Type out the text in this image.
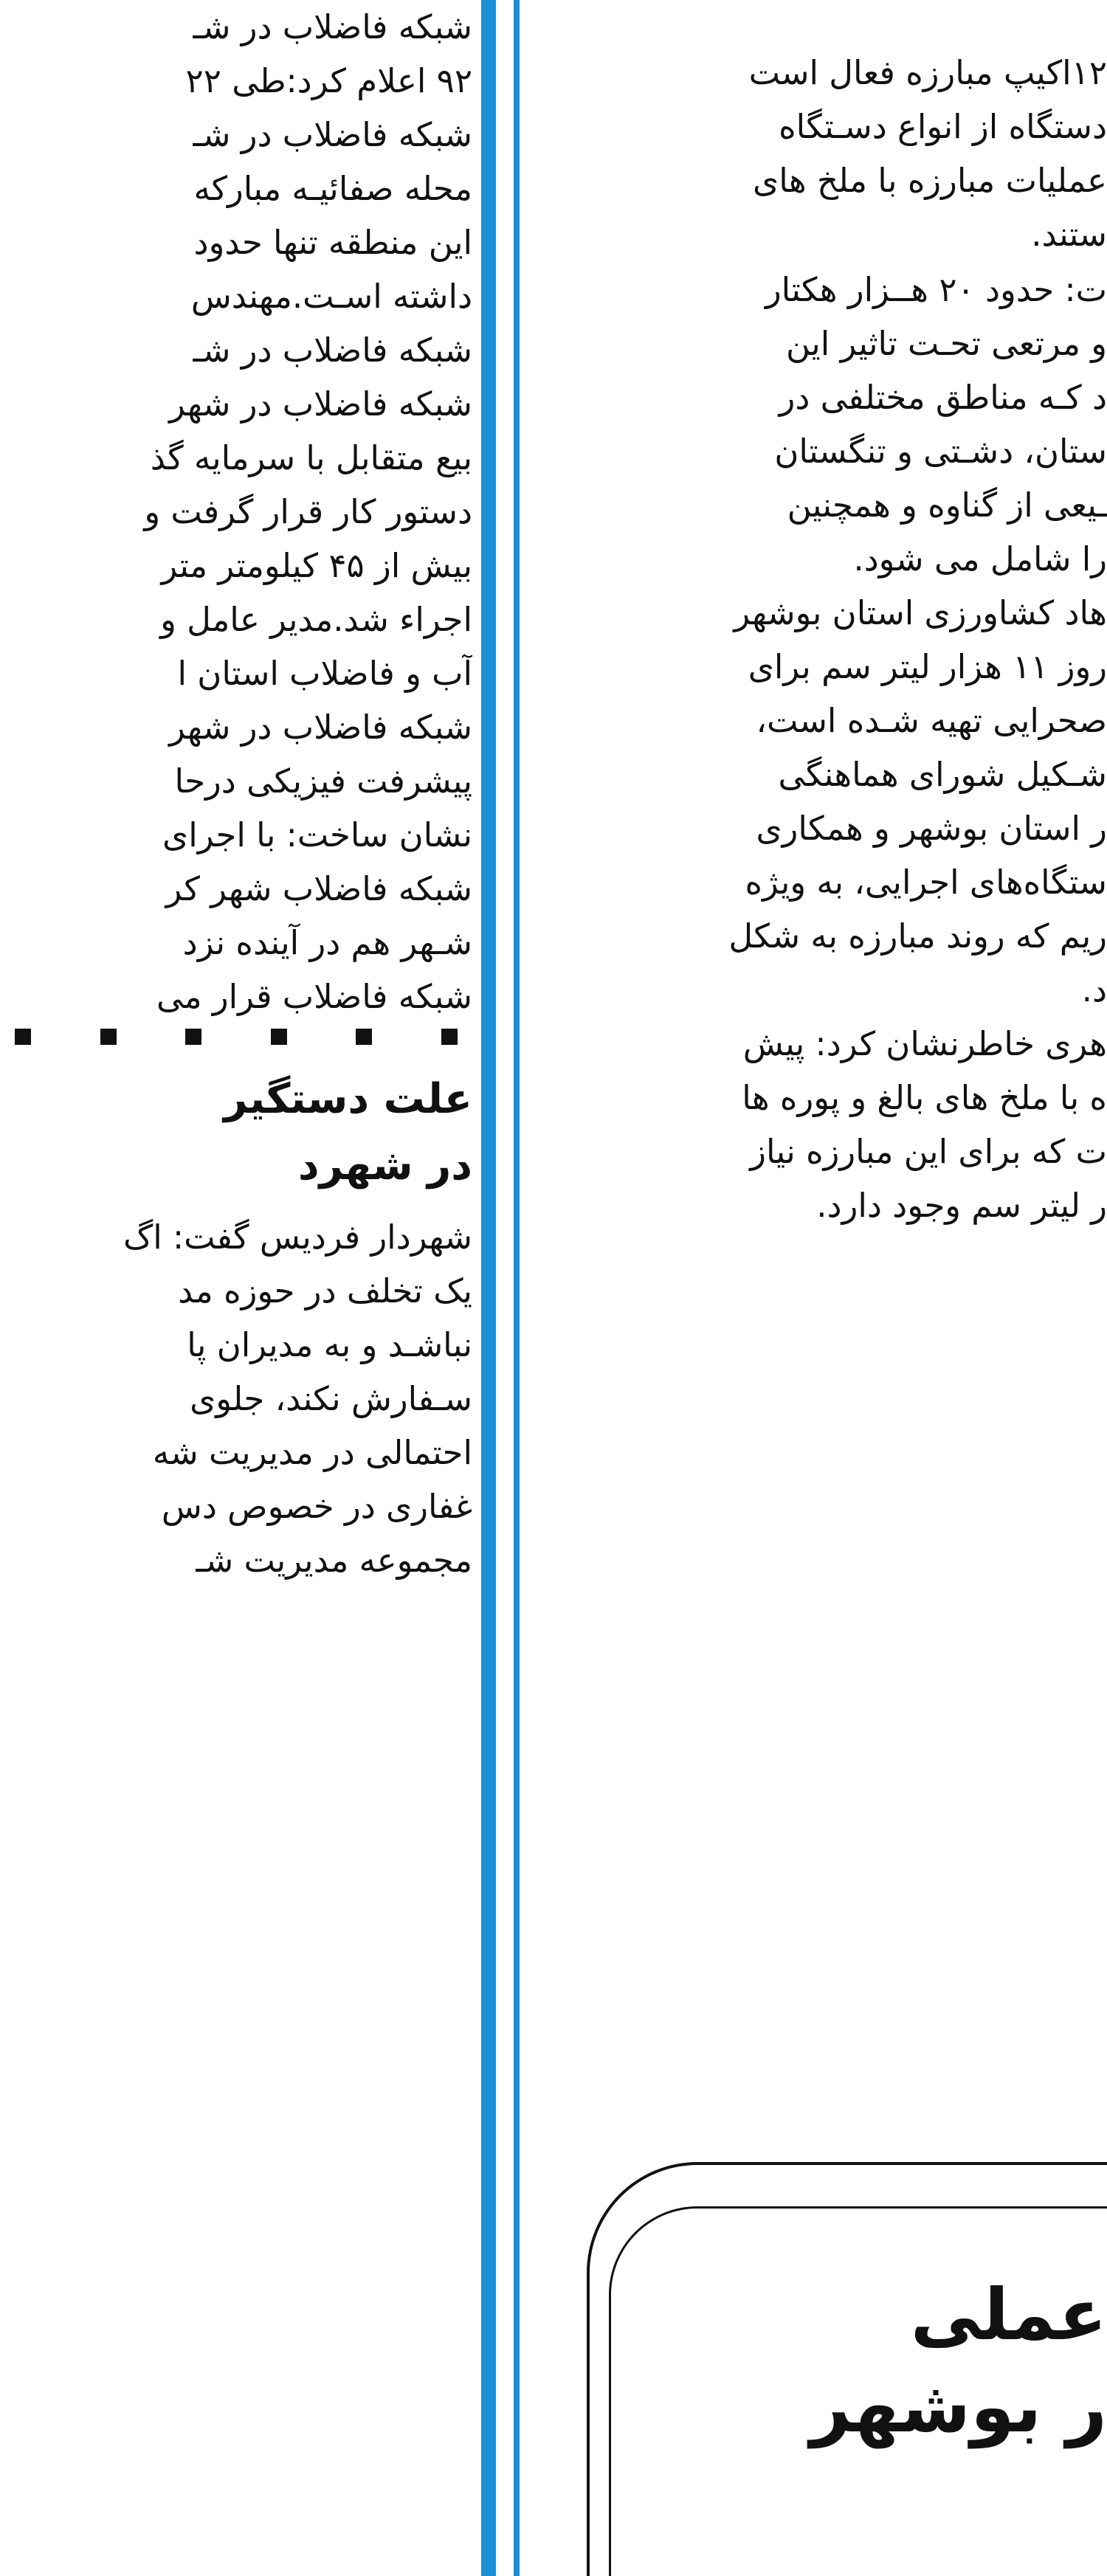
شبکه فاضلاب در شـ
۹۲ اعلام کرد:طی ۲۲
شبکه فاضلاب در شـ
محله صفائیـه مبارکه
این منطقه تنها حدود
داشته اسـت.مهندس
شبکه فاضلاب در شـ
شبکه فاضلاب در شهر
بیع متقابل با سرمایه گذ
دستور کار قرار گرفت و
بیش از ۴۵ کیلومتر متر
اجراء شد.مدیر عامل و
آب و فاضلاب استان ا
شبکه فاضلاب در شهر
پیشرفت فیزیکی درحا
نشان ساخت: با اجرای
شبکه فاضلاب شهر کر
شـهر هم در آینده نزد
شبکه فاضلاب قرار می
علت دستگیر
در شهرد
شهردار فردیس گفت: اگ
یک تخلف در حوزه مد
نباشـد و به مدیران پا
سـفارش نکند، جلوی
احتمالی در مدیریت شه
غفاری در خصوص دس
مجموعه مدیریت شـ
۱۲اکیپ مبارزه فعال است
دستگاه از انواع دسـتگاه
عملیات مبارزه با ملخ های
ستند.
ت: حدود ۲۰ هــزار هکتار
و مرتعی تحـت تاثیر این
د کـه مناطق مختلفی در
ستان، دشـتی و تنگستان
ـیعی از گناوه و همچنین
را شامل می شود.
هاد کشاورزی استان بوشهر
روز ۱۱ هزار لیتر سم برای
صحرایی تهیه شـده است،
شـکیل شورای هماهنگی
ر استان بوشهر و همکاری
ستگاه‌های اجرایی، به ویژه
ریم که روند مبارزه به شکل
د.
هری خاطرنشان کرد: پیش
ه با ملخ های بالغ و پوره ها
ت که برای این مبارزه نیاز
ر لیتر سم وجود دارد.
عملی
ر بوشهر
